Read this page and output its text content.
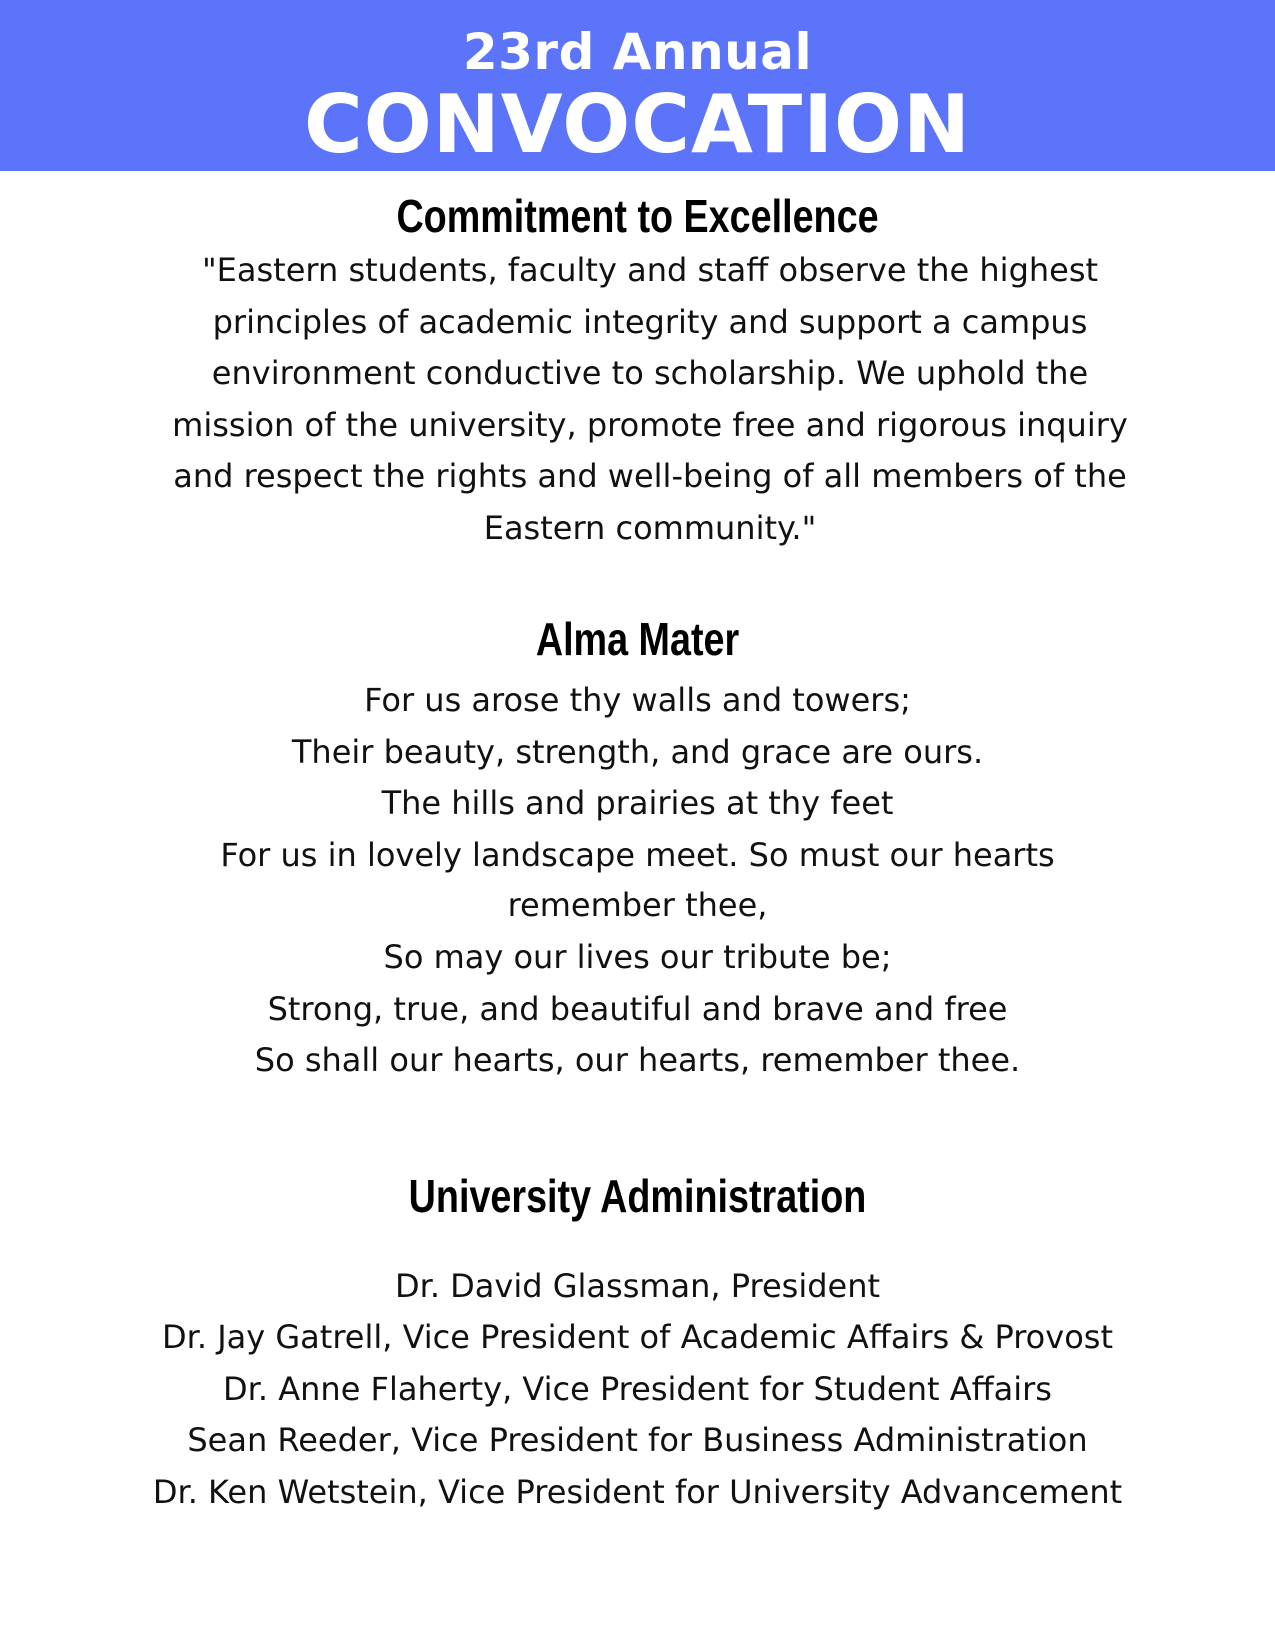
23rd Annual
CONVOCATION
Commitment to Excellence
"Eastern students, faculty and staff observe the highest principles of academic integrity and support a campus environment conductive to scholarship. We uphold the mission of the university, promote free and rigorous inquiry and respect the rights and well-being of all members of the Eastern community."
Alma Mater
For us arose thy walls and towers;
Their beauty, strength, and grace are ours.
The hills and prairies at thy feet
For us in lovely landscape meet. So must our hearts
remember thee,
So may our lives our tribute be;
Strong, true, and beautiful and brave and free
So shall our hearts, our hearts, remember thee.
University Administration
Dr. David Glassman, President
Dr. Jay Gatrell, Vice President of Academic Affairs & Provost
Dr. Anne Flaherty, Vice President for Student Affairs
Sean Reeder, Vice President for Business Administration
Dr. Ken Wetstein, Vice President for University Advancement
